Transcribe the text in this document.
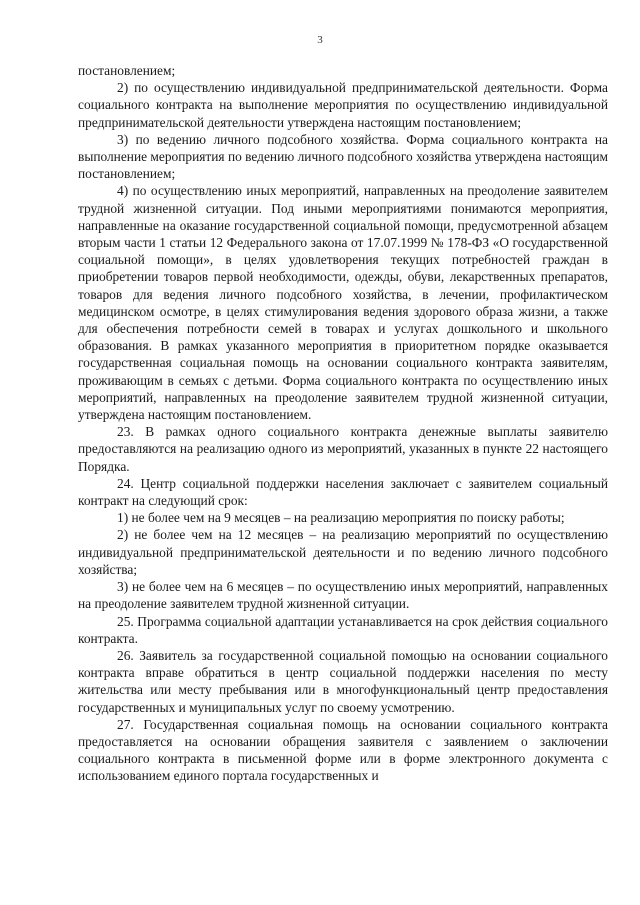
3

постановлением;

2) по осуществлению индивидуальной предпринимательской деятельности. Форма социального контракта на выполнение мероприятия по осуществлению индивидуальной предпринимательской деятельности утверждена настоящим постановлением;

3) по ведению личного подсобного хозяйства. Форма социального контракта на выполнение мероприятия по ведению личного подсобного хозяйства утверждена настоящим постановлением;

4) по осуществлению иных мероприятий, направленных на преодоление заявителем трудной жизненной ситуации. Под иными мероприятиями понимаются мероприятия, направленные на оказание государственной социальной помощи, предусмотренной абзацем вторым части 1 статьи 12 Федерального закона от 17.07.1999 № 178-ФЗ «О государственной социальной помощи», в целях удовлетворения текущих потребностей граждан в приобретении товаров первой необходимости, одежды, обуви, лекарственных препаратов, товаров для ведения личного подсобного хозяйства, в лечении, профилактическом медицинском осмотре, в целях стимулирования ведения здорового образа жизни, а также для обеспечения потребности семей в товарах и услугах дошкольного и школьного образования. В рамках указанного мероприятия в приоритетном порядке оказывается государственная социальная помощь на основании социального контракта заявителям, проживающим в семьях с детьми. Форма социального контракта по осуществлению иных мероприятий, направленных на преодоление заявителем трудной жизненной ситуации, утверждена настоящим постановлением.

23. В рамках одного социального контракта денежные выплаты заявителю предоставляются на реализацию одного из мероприятий, указанных в пункте 22 настоящего Порядка.

24. Центр социальной поддержки населения заключает с заявителем социальный контракт на следующий срок:

1) не более чем на 9 месяцев – на реализацию мероприятия по поиску работы;

2) не более чем на 12 месяцев – на реализацию мероприятий по осуществлению индивидуальной предпринимательской деятельности и по ведению личного подсобного хозяйства;

3) не более чем на 6 месяцев – по осуществлению иных мероприятий, направленных на преодоление заявителем трудной жизненной ситуации.

25. Программа социальной адаптации устанавливается на срок действия социального контракта.

26. Заявитель за государственной социальной помощью на основании социального контракта вправе обратиться в центр социальной поддержки населения по месту жительства или месту пребывания или в многофункциональный центр предоставления государственных и муниципальных услуг по своему усмотрению.

27. Государственная социальная помощь на основании социального контракта предоставляется на основании обращения заявителя с заявлением о заключении социального контракта в письменной форме или в форме электронного документа с использованием единого портала государственных и
